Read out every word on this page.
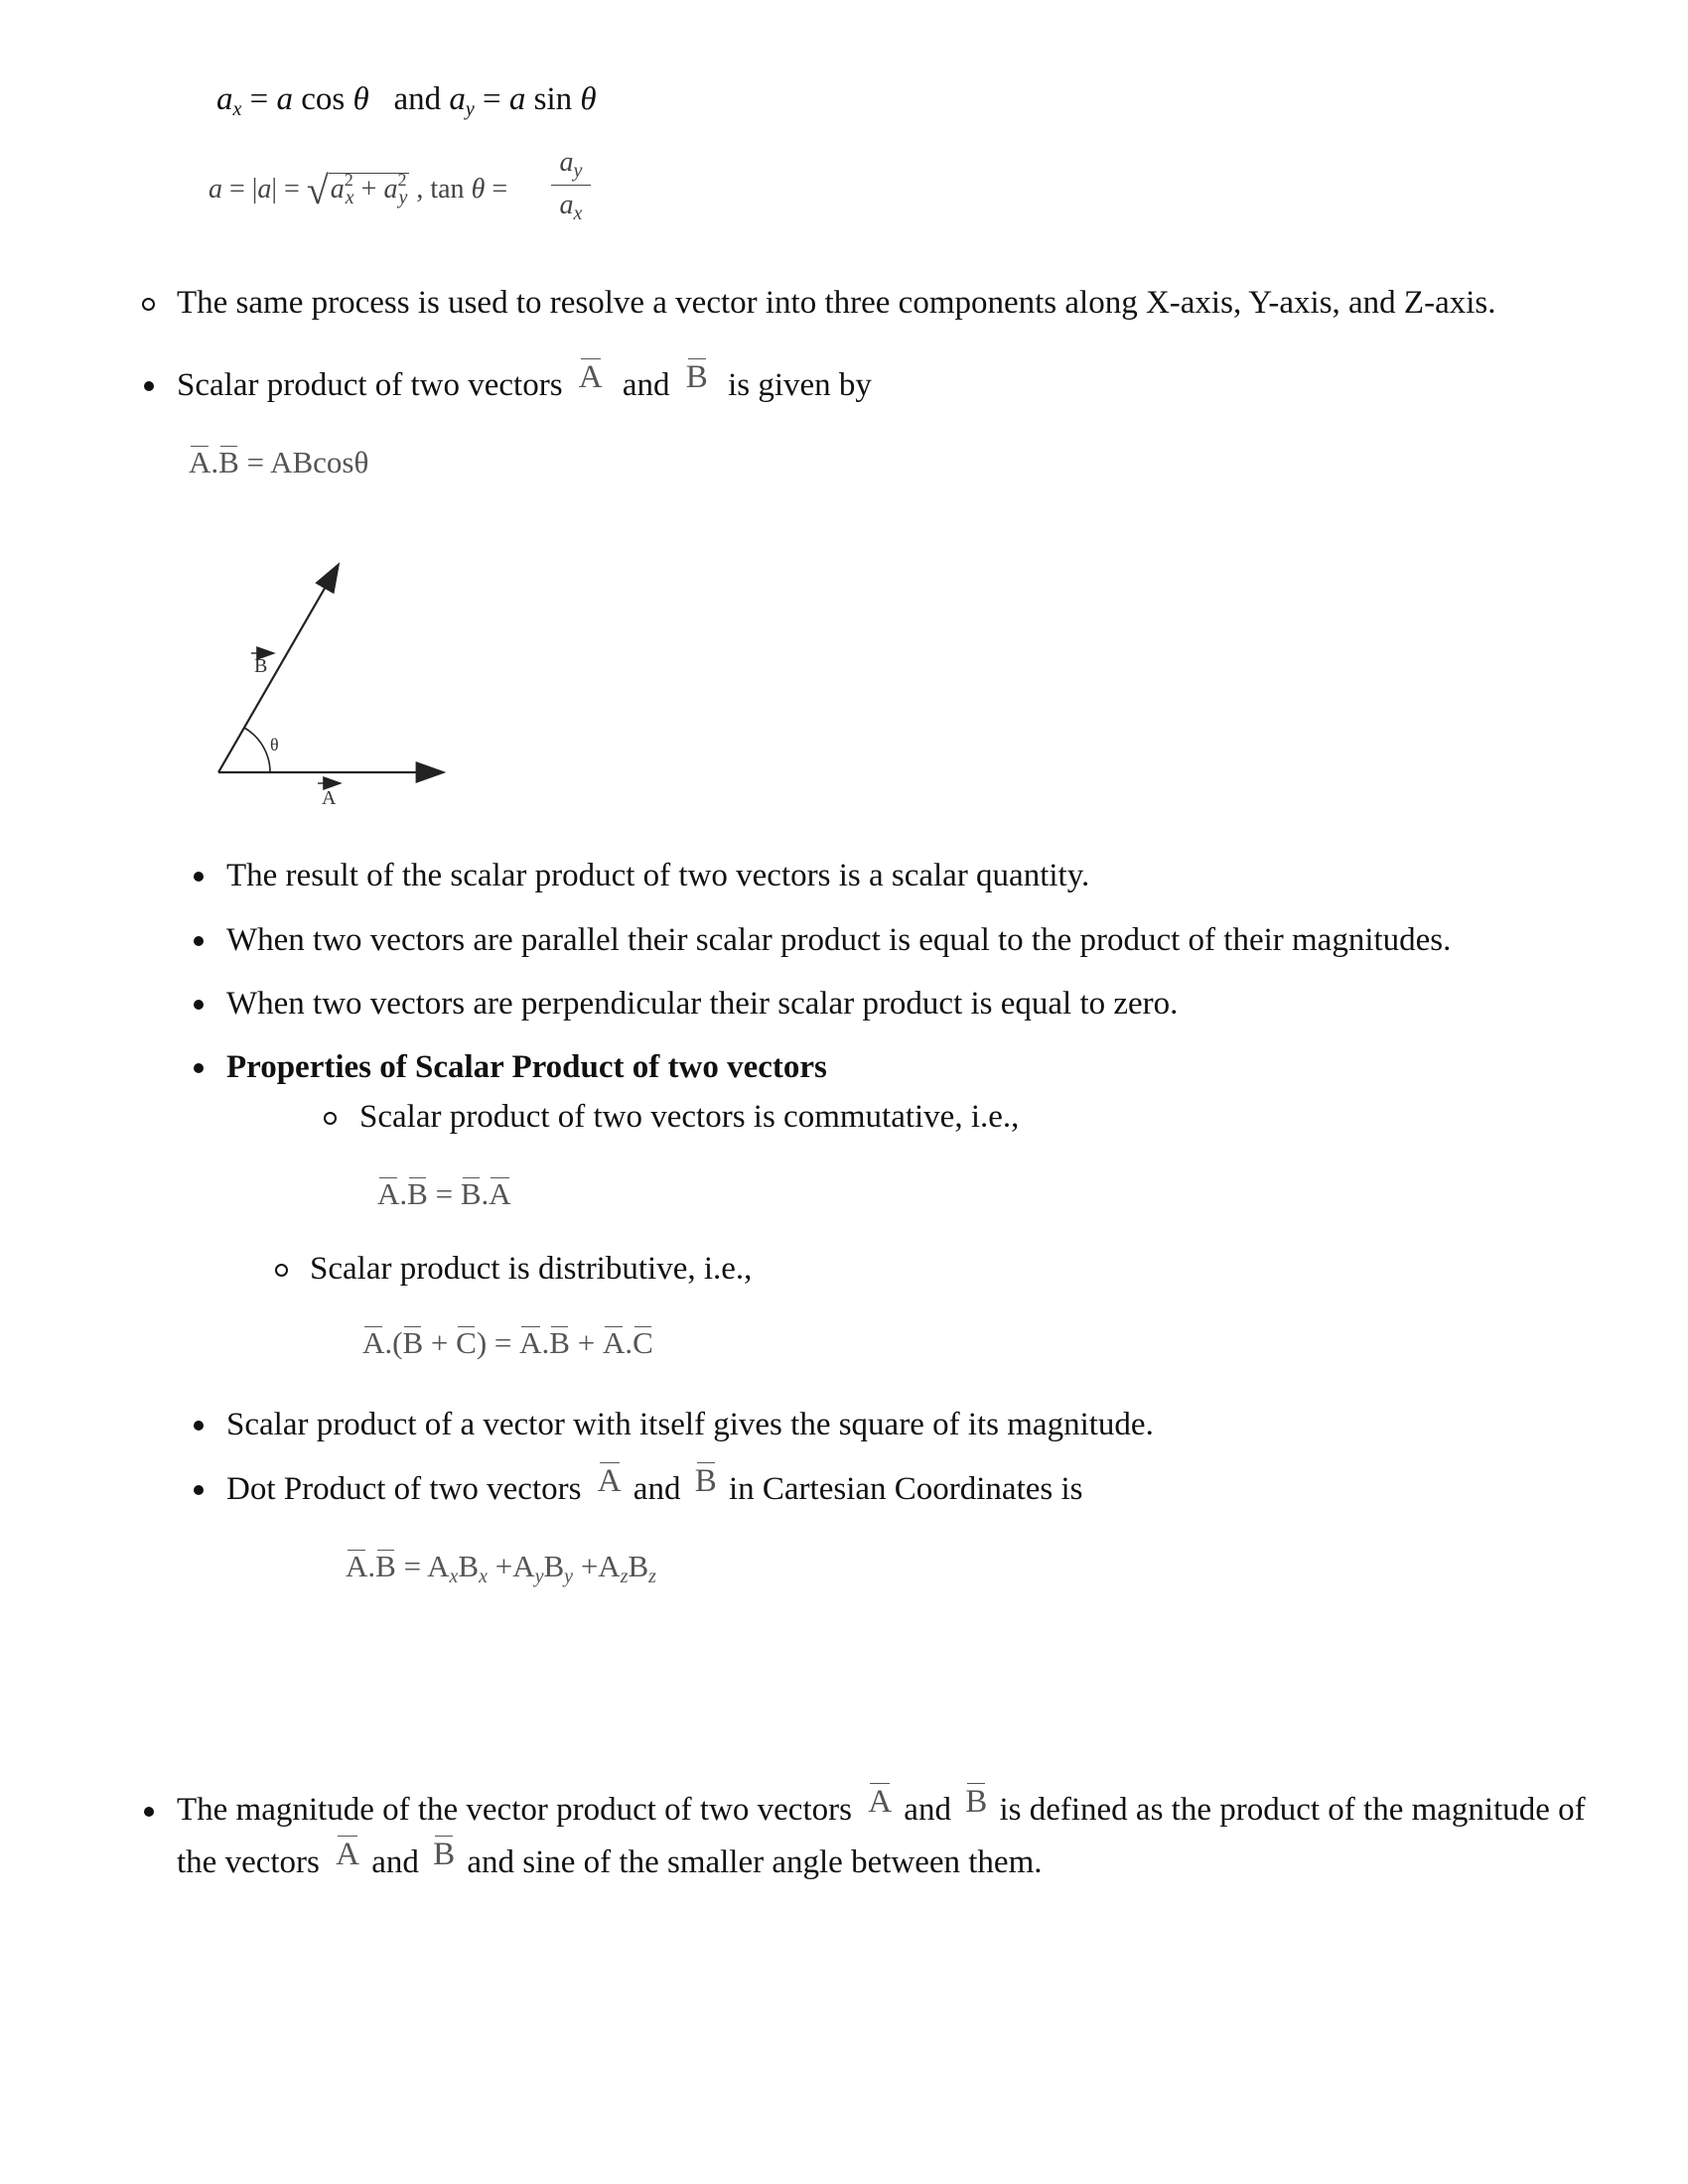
$a_x = a$ cos θ   and $a_y = a$ sin θ
$a = |a| = √a^2_x + a^2_y$ , tan θ =
$a_y$
$a_x$
The same process is used to resolve a vector into three components along X-axis, Y-axis, and Z-axis.
Scalar product of two vectors A and B is given by
A.B = ABcosθ
θ
B
A
The result of the scalar product of two vectors is a scalar quantity.
When two vectors are parallel their scalar product is equal to the product of their magnitudes.
When two vectors are perpendicular their scalar product is equal to zero.
Properties of Scalar Product of two vectors
Scalar product of two vectors is commutative, i.e.,
A.B = B.A
Scalar product is distributive, i.e.,
A.(B + C) = A.B + A.C
Scalar product of a vector with itself gives the square of its magnitude.
Dot Product of two vectors A and B in Cartesian Coordinates is
$A.B = A_xB_x +A_yB_y +A_zB_z$
The magnitude of the vector product of two vectors A and B is defined as the product of the magnitude of
the vectors A and B and sine of the smaller angle between them.
